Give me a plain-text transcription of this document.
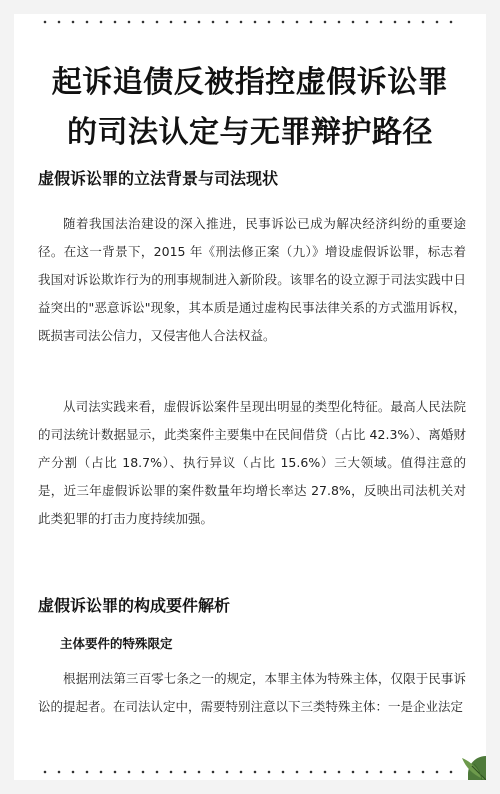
起诉追债反被指控虚假诉讼罪
的司法认定与无罪辩护路径
虚假诉讼罪的立法背景与司法现状

随着我国法治建设的深入推进，民事诉讼已成为解决经济纠纷的重要途径。在这一背景下，2015 年《刑法修正案（九）》增设虚假诉讼罪，标志着我国对诉讼欺诈行为的刑事规制进入新阶段。该罪名的设立源于司法实践中日益突出的"恶意诉讼"现象，其本质是通过虚构民事法律关系的方式滥用诉权，既损害司法公信力，又侵害他人合法权益。

从司法实践来看，虚假诉讼案件呈现出明显的类型化特征。最高人民法院的司法统计数据显示，此类案件主要集中在民间借贷（占比 42.3%）、离婚财产分割（占比 18.7%）、执行异议（占比 15.6%）三大领域。值得注意的是，近三年虚假诉讼罪的案件数量年均增长率达 27.8%，反映出司法机关对此类犯罪的打击力度持续加强。

虚假诉讼罪的构成要件解析
主体要件的特殊限定

根据刑法第三百零七条之一的规定，本罪主体为特殊主体，仅限于民事诉讼的提起者。在司法认定中，需要特别注意以下三类特殊主体：一是企业法定
